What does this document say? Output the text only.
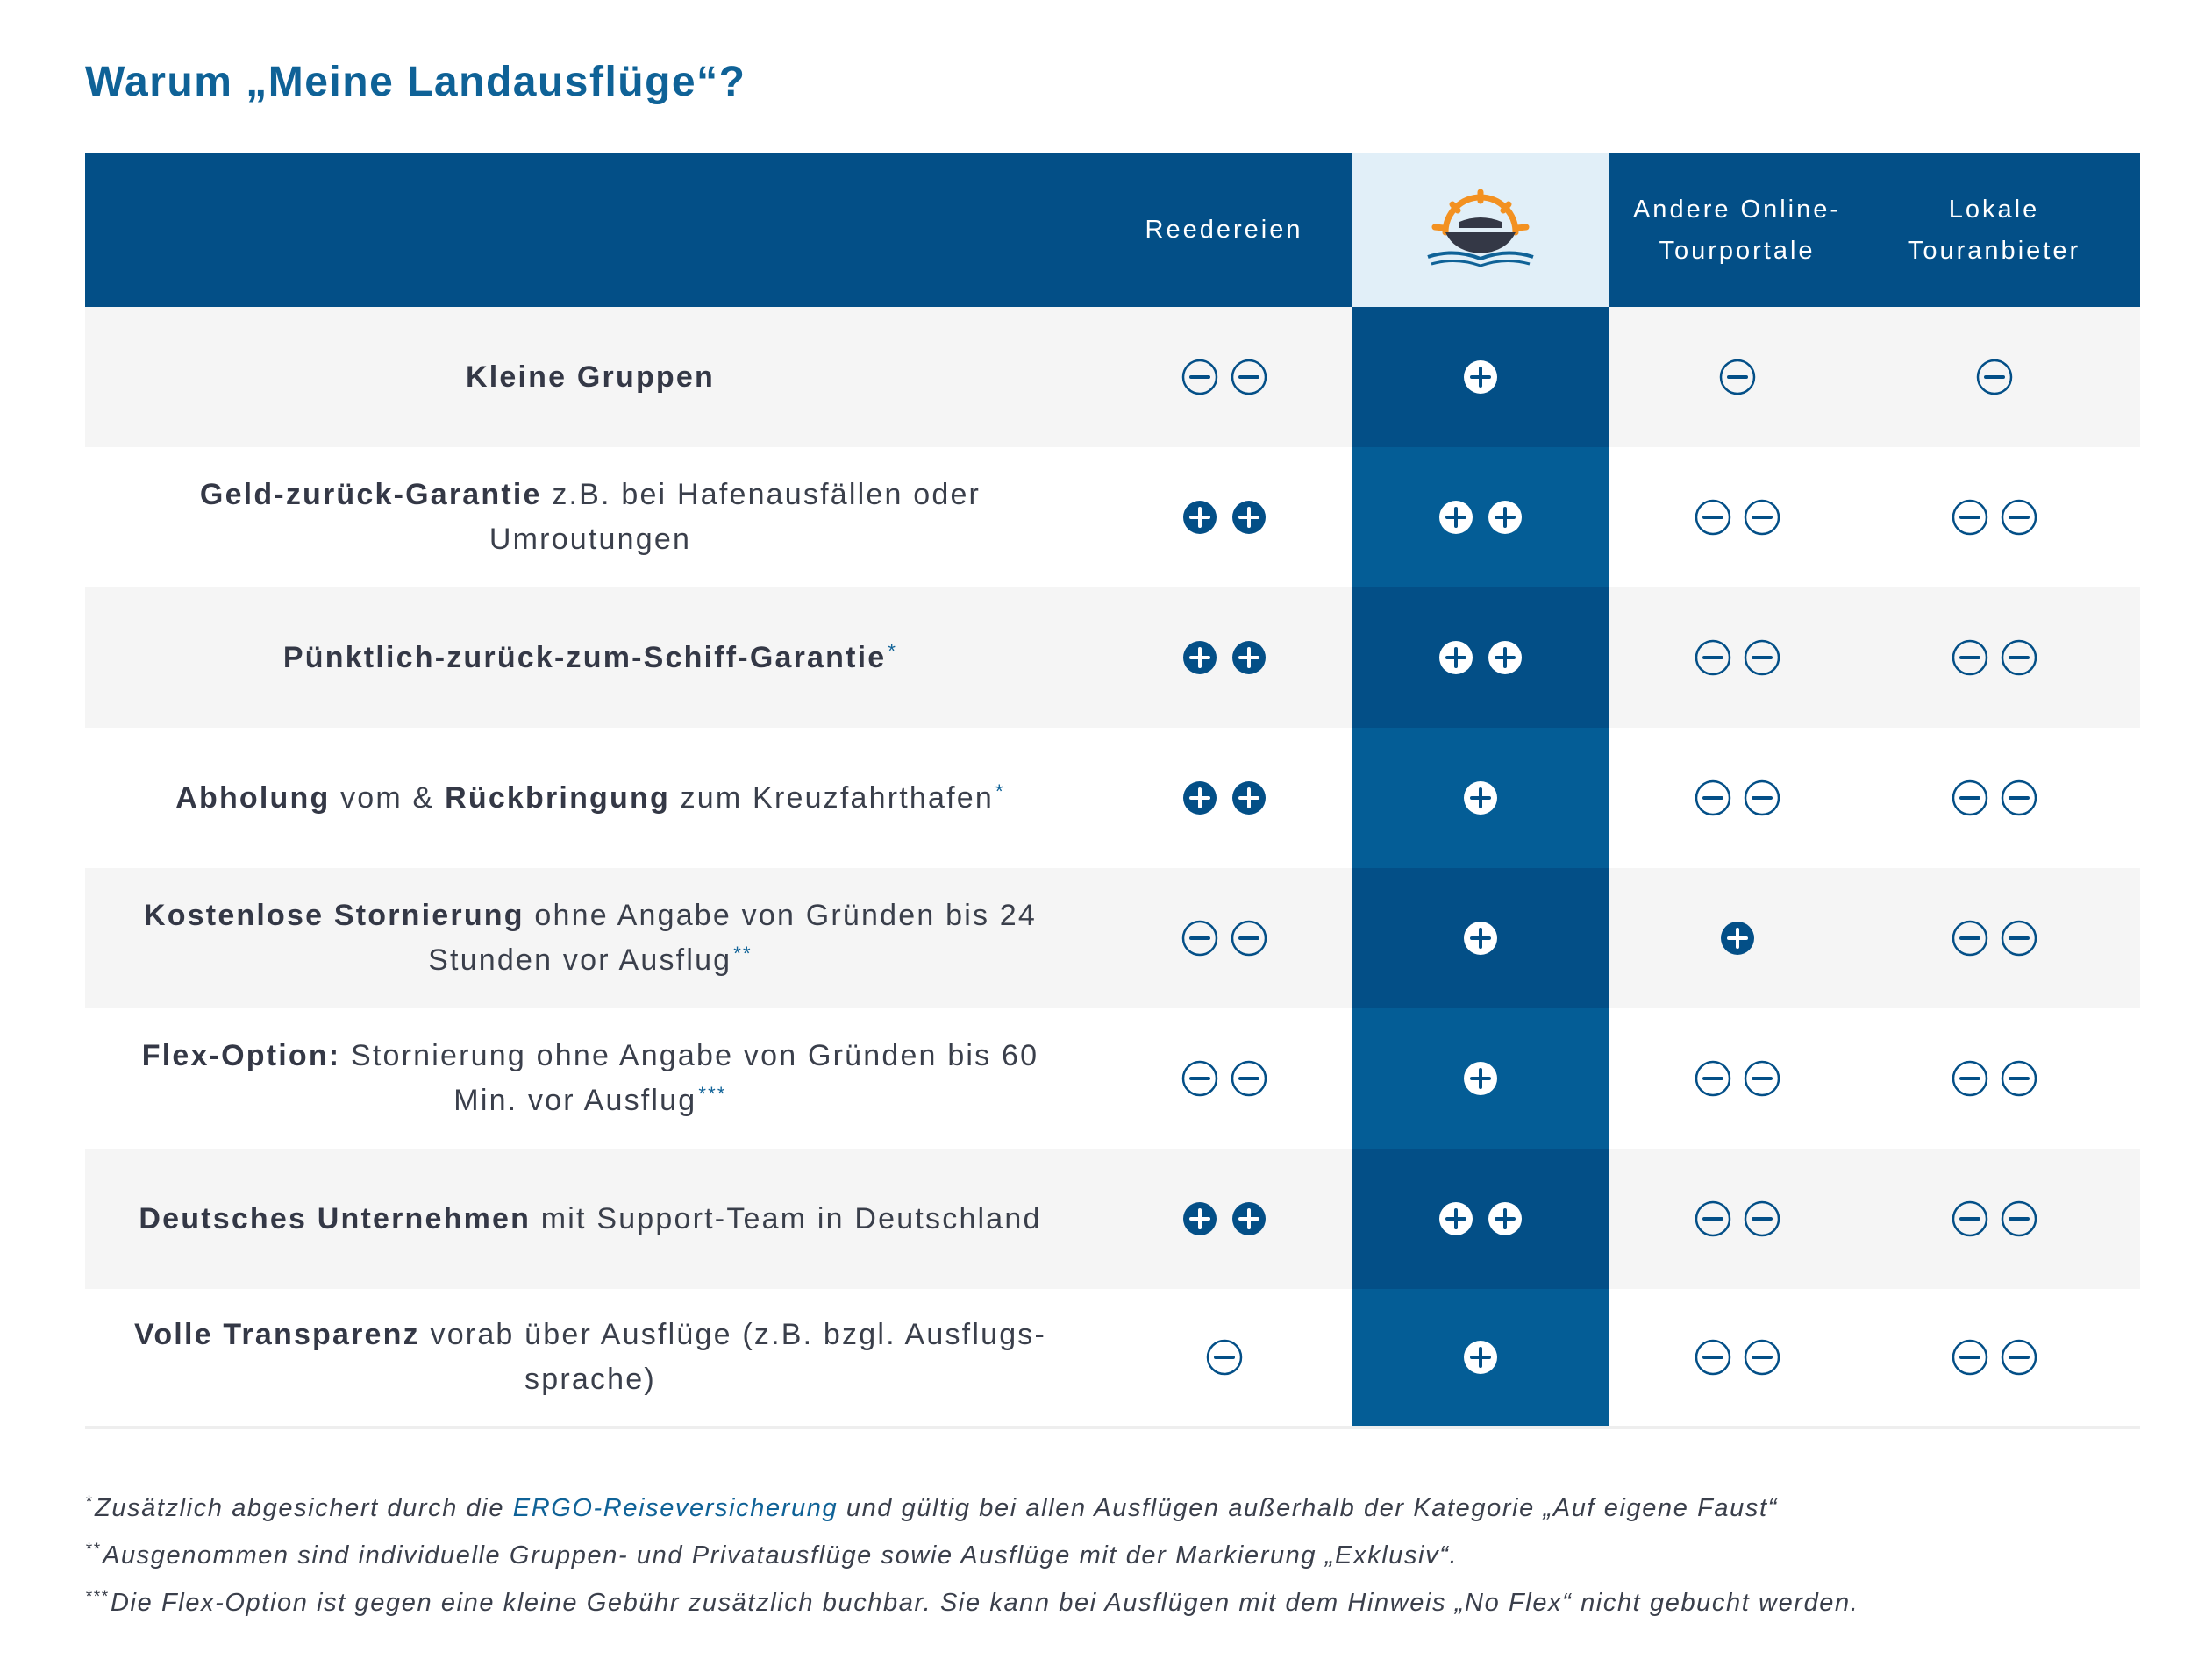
Warum „Meine Landausflüge“?
Reedereien
Andere Online-
Tourportale
Lokale
Touranbieter
Kleine Gruppen
Geld-zurück-Garantie z.B. bei Hafenausfällen oder Umroutungen
Pünktlich-zurück-zum-Schiff-Garantie*
Abholung vom & Rückbringung zum Kreuzfahrthafen*
Kostenlose Stornierung ohne Angabe von Gründen bis 24 Stunden vor Ausflug**
Flex-Option: Stornierung ohne Angabe von Gründen bis 60 Min. vor Ausflug***
Deutsches Unternehmen mit Support-Team in Deutschland
Volle Transparenz vorab über Ausflüge (z.B. bzgl. Ausflugs-sprache)

*Zusätzlich abgesichert durch die ERGO-Reiseversicherung und gültig bei allen Ausflügen außerhalb der Kategorie „Auf eigene Faust“

**Ausgenommen sind individuelle Gruppen- und Privatausflüge sowie Ausflüge mit der Markierung „Exklusiv“.

***Die Flex-Option ist gegen eine kleine Gebühr zusätzlich buchbar. Sie kann bei Ausflügen mit dem Hinweis „No Flex“ nicht gebucht werden.
